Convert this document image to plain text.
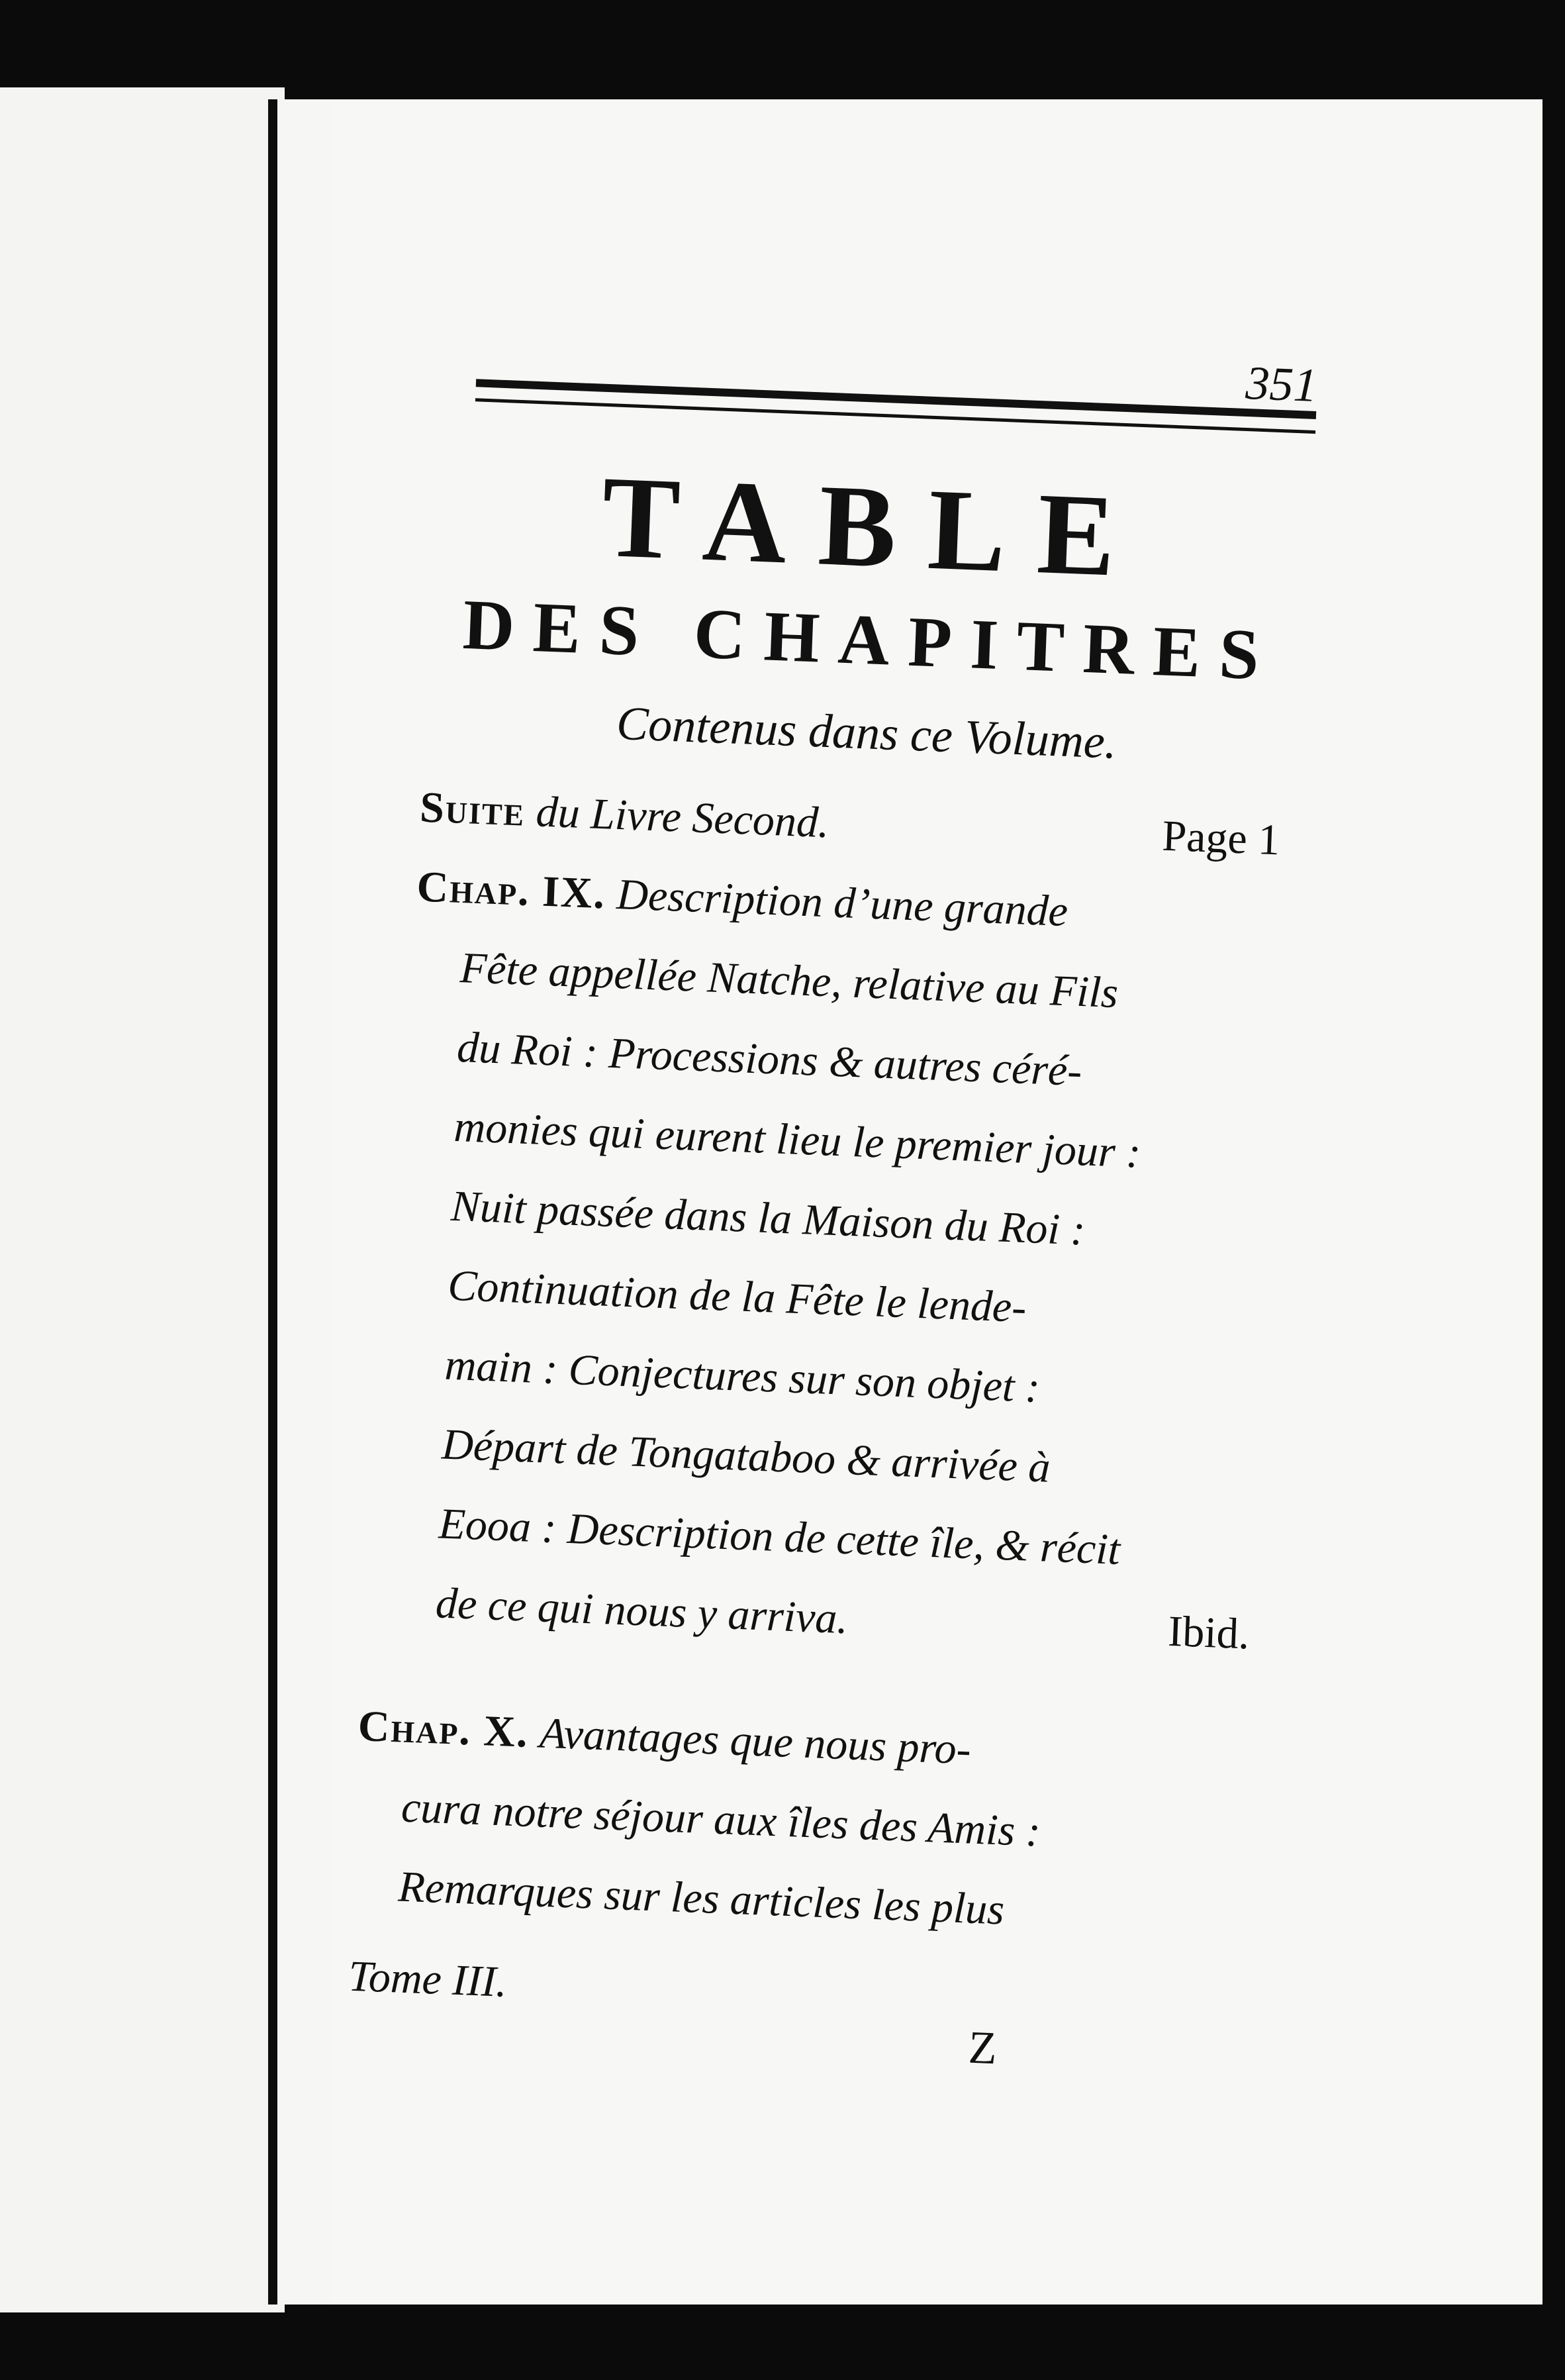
351
TABLE
DES CHAPITRES
Contenus dans ce Volume.
Suite du Livre Second.	Page 1
Chap. IX. Description d’une grande
Fête appellée Natche, relative au Fils
du Roi : Processions & autres céré-
monies qui eurent lieu le premier jour :
Nuit passée dans la Maison du Roi :
Continuation de la Fête le lende-
main : Conjectures sur son objet :
Départ de Tongataboo & arrivée à
Eooa : Description de cette île, & récit
de ce qui nous y arriva.	Ibid.
Chap. X. Avantages que nous pro-
cura notre séjour aux îles des Amis :
Remarques sur les articles les plus
Tome III.
Z
